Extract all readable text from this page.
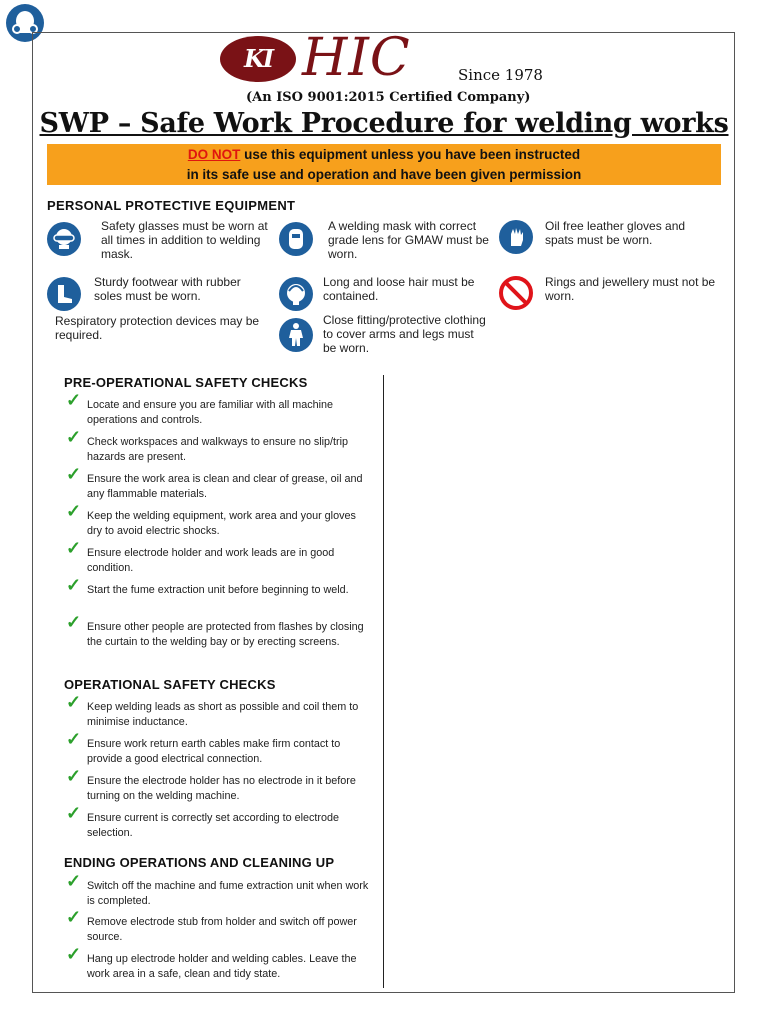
KI HIC	Since 1978
(An ISO 9001:2015 Certified Company)
SWP – Safe Work Procedure for welding works
DO NOT use this equipment unless you have been instructed
in its safe use and operation and have been given permission
PERSONAL PROTECTIVE EQUIPMENT
Safety glasses must be worn at all times in addition to welding mask.
A welding mask with correct grade lens for GMAW must be worn.
Oil free leather gloves and spats must be worn.
Sturdy footwear with rubber soles must be worn.
Long and loose hair must be contained.
Rings and jewellery must not be worn.
Respiratory protection devices may be required.
Close fitting/protective clothing to cover arms and legs must be worn.
PRE-OPERATIONAL SAFETY CHECKS
✓ Locate and ensure you are familiar with all machine operations and controls.
✓ Check workspaces and walkways to ensure no slip/trip hazards are present.
✓ Ensure the work area is clean and clear of grease, oil and any flammable materials.
✓ Keep the welding equipment, work area and your gloves dry to avoid electric shocks.
✓ Ensure electrode holder and work leads are in good condition.
✓ Start the fume extraction unit before beginning to weld.
✓ Ensure other people are protected from flashes by closing the curtain to the welding bay or by erecting screens.
OPERATIONAL SAFETY CHECKS
✓ Keep welding leads as short as possible and coil them to minimise inductance.
✓ Ensure work return earth cables make firm contact to provide a good electrical connection.
✓ Ensure the electrode holder has no electrode in it before turning on the welding machine.
✓ Ensure current is correctly set according to electrode selection.
ENDING OPERATIONS AND CLEANING UP
✓ Switch off the machine and fume extraction unit when work is completed.
✓ Remove electrode stub from holder and switch off power source.
✓ Hang up electrode holder and welding cables. Leave the work area in a safe, clean and tidy state.
